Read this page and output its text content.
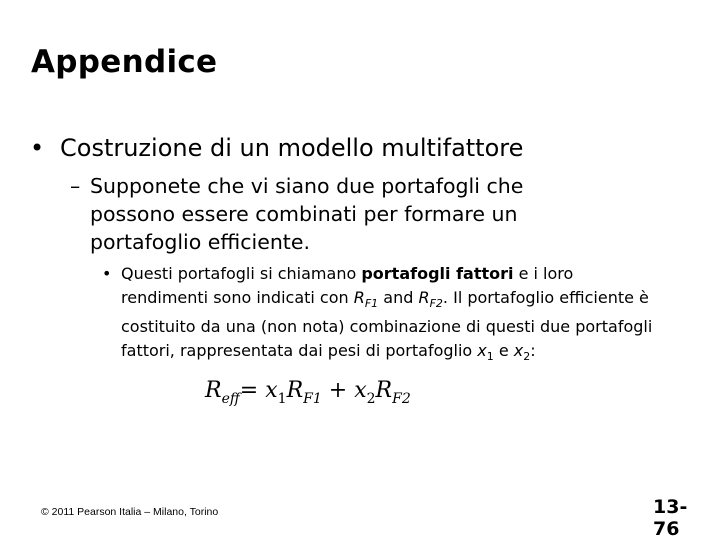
Appendice
• Costruzione di un modello multifattore
– Supponete che vi siano due portafogli che possono essere combinati per formare un portafoglio efficiente.
• Questi portafogli si chiamano portafogli fattori e i loro rendimenti sono indicati con $R_{F1}$ and $R_{F2}$. Il portafoglio efficiente è costituito da una (non nota) combinazione di questi due portafogli fattori, rappresentata dai pesi di portafoglio $x_1$ e $x_2$:
$R_{eff}= x_1R_{F1} + x_2R_{F2}$
© 2011 Pearson Italia – Milano, Torino	13-76
